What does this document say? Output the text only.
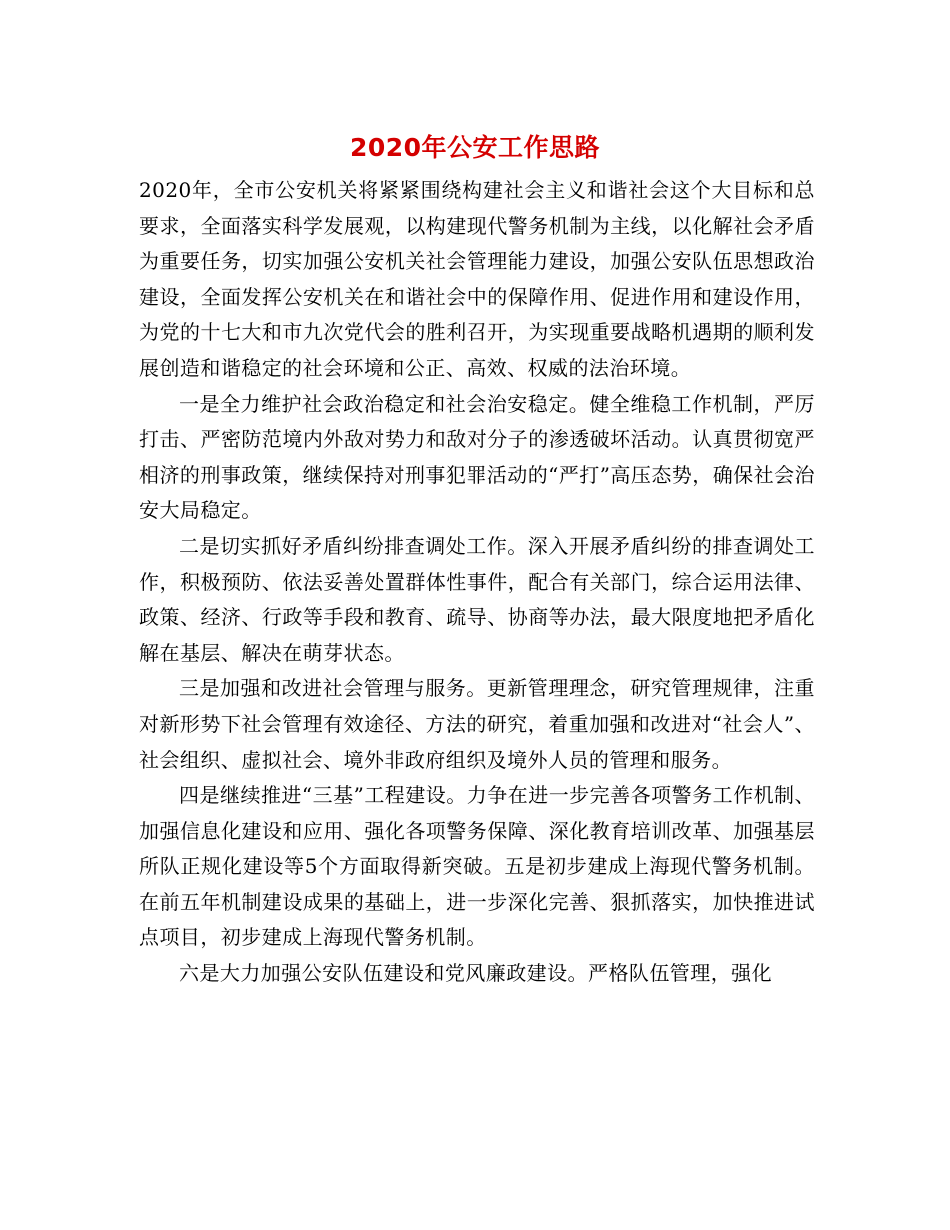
2020年公安工作思路

2020年，全市公安机关将紧紧围绕构建社会主义和谐社会这个大目标和总要求，全面落实科学发展观，以构建现代警务机制为主线，以化解社会矛盾为重要任务，切实加强公安机关社会管理能力建设，加强公安队伍思想政治建设，全面发挥公安机关在和谐社会中的保障作用、促进作用和建设作用，为党的十七大和市九次党代会的胜利召开，为实现重要战略机遇期的顺利发展创造和谐稳定的社会环境和公正、高效、权威的法治环境。

一是全力维护社会政治稳定和社会治安稳定。健全维稳工作机制，严厉打击、严密防范境内外敌对势力和敌对分子的渗透破坏活动。认真贯彻宽严相济的刑事政策，继续保持对刑事犯罪活动的“严打”高压态势，确保社会治安大局稳定。

二是切实抓好矛盾纠纷排查调处工作。深入开展矛盾纠纷的排查调处工作，积极预防、依法妥善处置群体性事件，配合有关部门，综合运用法律、政策、经济、行政等手段和教育、疏导、协商等办法，最大限度地把矛盾化解在基层、解决在萌芽状态。

三是加强和改进社会管理与服务。更新管理理念，研究管理规律，注重对新形势下社会管理有效途径、方法的研究，着重加强和改进对“社会人”、社会组织、虚拟社会、境外非政府组织及境外人员的管理和服务。

四是继续推进“三基”工程建设。力争在进一步完善各项警务工作机制、加强信息化建设和应用、强化各项警务保障、深化教育培训改革、加强基层所队正规化建设等5个方面取得新突破。五是初步建成上海现代警务机制。在前五年机制建设成果的基础上，进一步深化完善、狠抓落实，加快推进试点项目，初步建成上海现代警务机制。

六是大力加强公安队伍建设和党风廉政建设。严格队伍管理，强化
